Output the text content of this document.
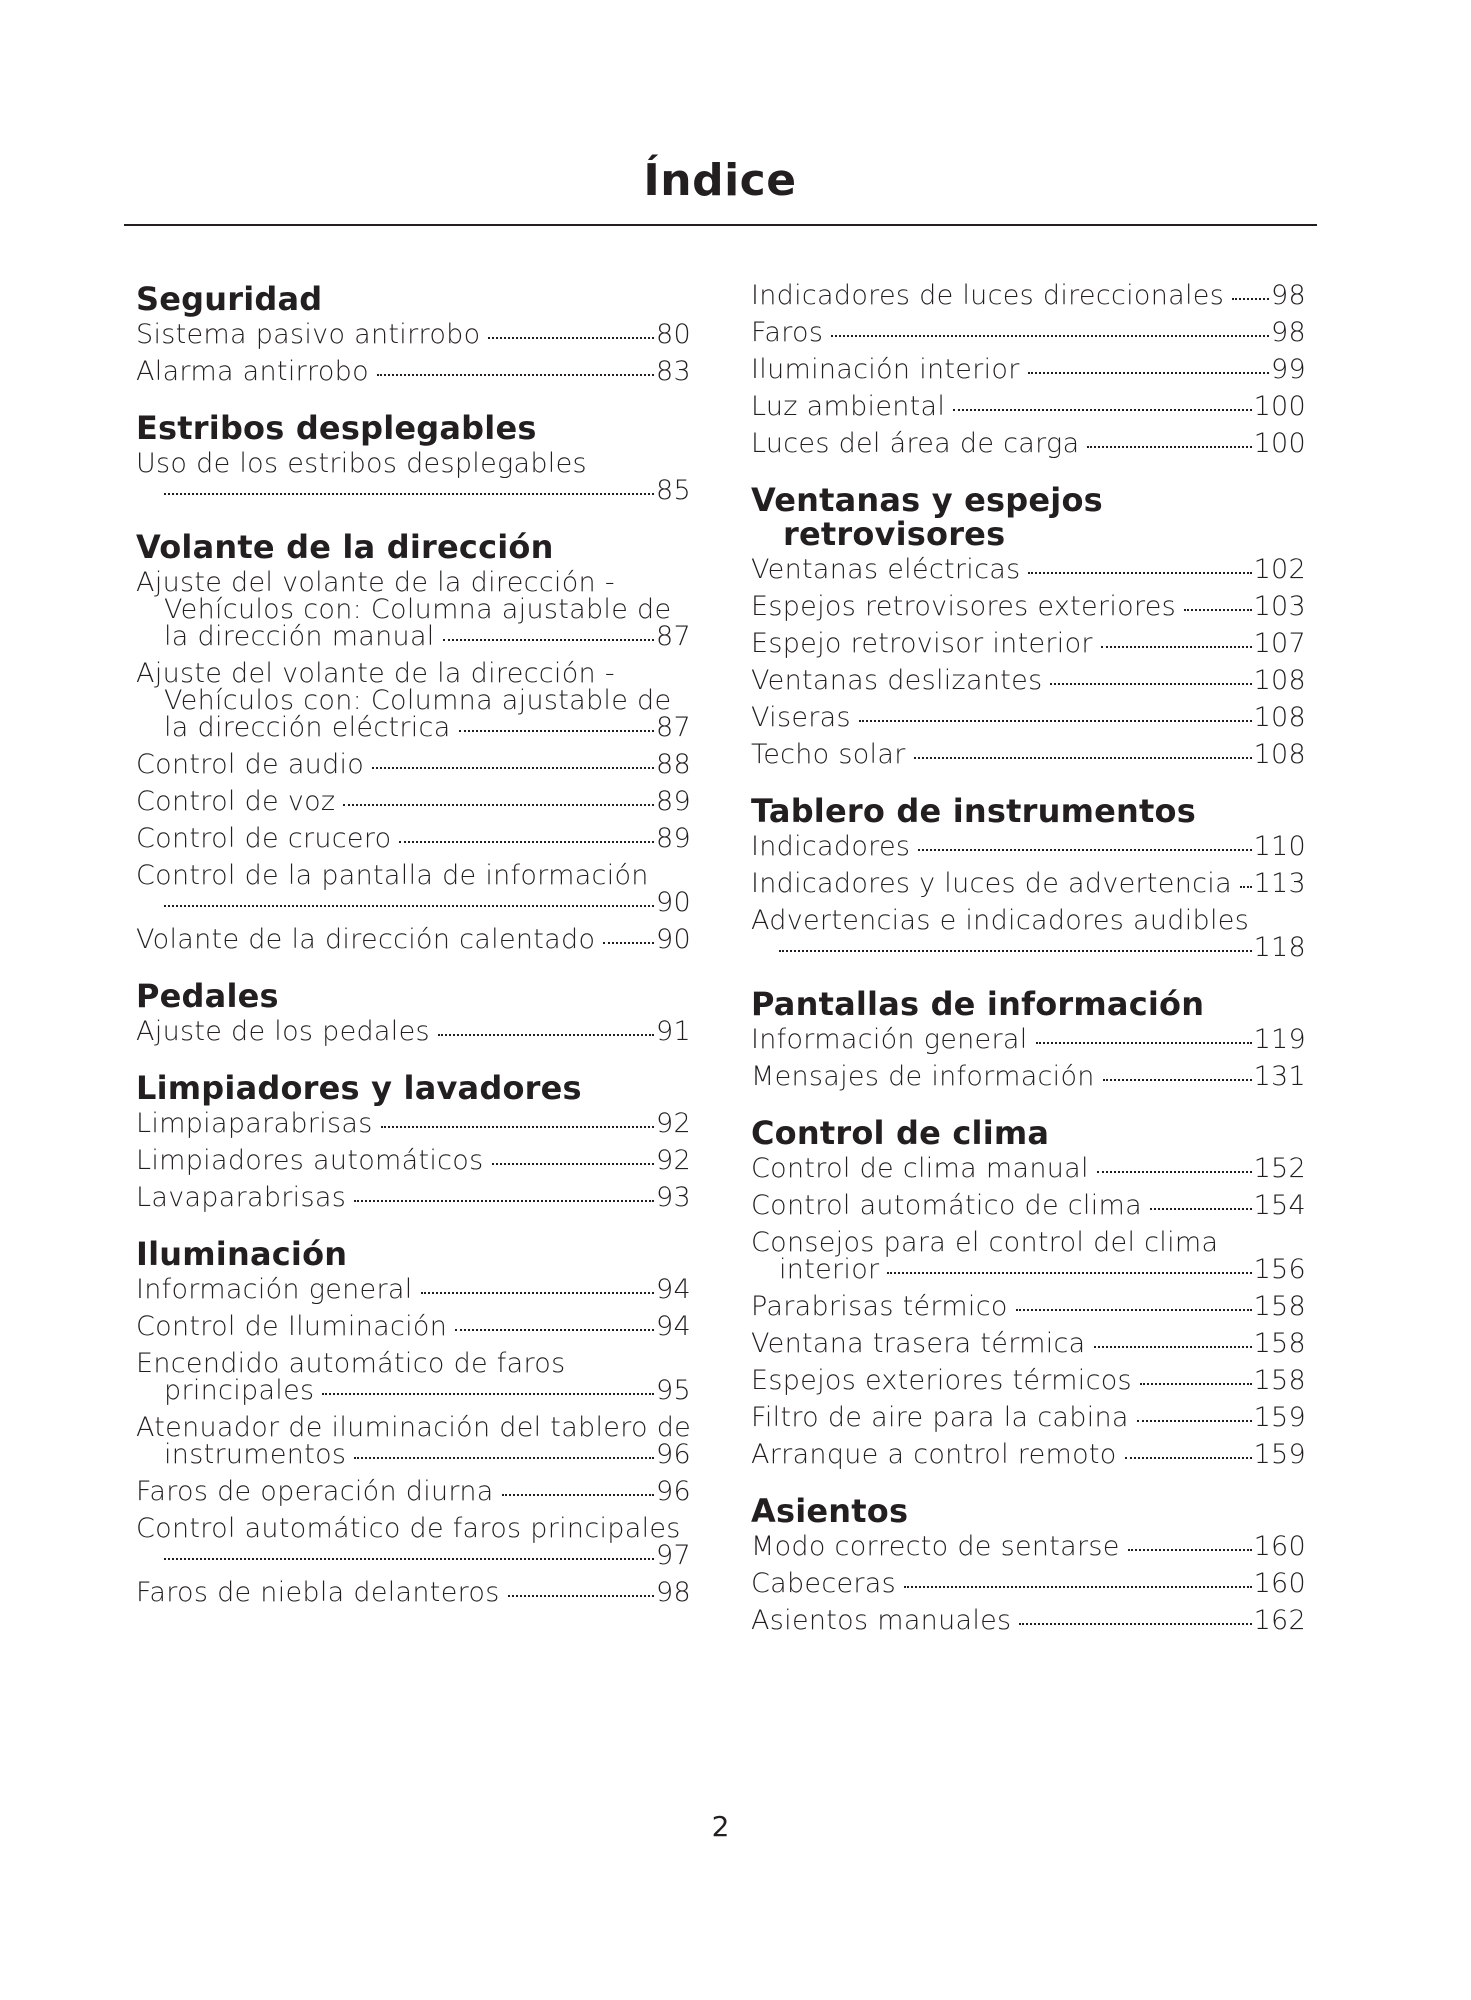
Índice
Seguridad
Sistema pasivo antirrobo	80
Alarma antirrobo	83
Estribos desplegables
Uso de los estribos desplegables
85
Volante de la dirección
Ajuste del volante de la dirección -
Vehículos con: Columna ajustable de
la dirección manual	87
Ajuste del volante de la dirección -
Vehículos con: Columna ajustable de
la dirección eléctrica	87
Control de audio	88
Control de voz	89
Control de crucero	89
Control de la pantalla de información
90
Volante de la dirección calentado 90
Pedales
Ajuste de los pedales	91
Limpiadores y lavadores
Limpiaparabrisas	92
Limpiadores automáticos	92
Lavaparabrisas	93
Iluminación
Información general	94
Control de Iluminación	94
Encendido automático de faros
principales	95
Atenuador de iluminación del tablero de
instrumentos	96
Faros de operación diurna	96
Control automático de faros principales
97
Faros de niebla delanteros	98
Indicadores de luces direccionales 98
Faros	98
Iluminación interior	99
Luz ambiental	100
Luces del área de carga	100
Ventanas y espejos
retrovisores
Ventanas eléctricas	102
Espejos retrovisores exteriores	103
Espejo retrovisor interior	107
Ventanas deslizantes	108
Viseras	108
Techo solar	108
Tablero de instrumentos
Indicadores	110
Indicadores y luces de advertencia 113
Advertencias e indicadores audibles
118
Pantallas de información
Información general	119
Mensajes de información	131
Control de clima
Control de clima manual	152
Control automático de clima	154
Consejos para el control del clima
interior	156
Parabrisas térmico	158
Ventana trasera térmica	158
Espejos exteriores térmicos	158
Filtro de aire para la cabina	159
Arranque a control remoto	159
Asientos
Modo correcto de sentarse	160
Cabeceras	160
Asientos manuales	162
2
